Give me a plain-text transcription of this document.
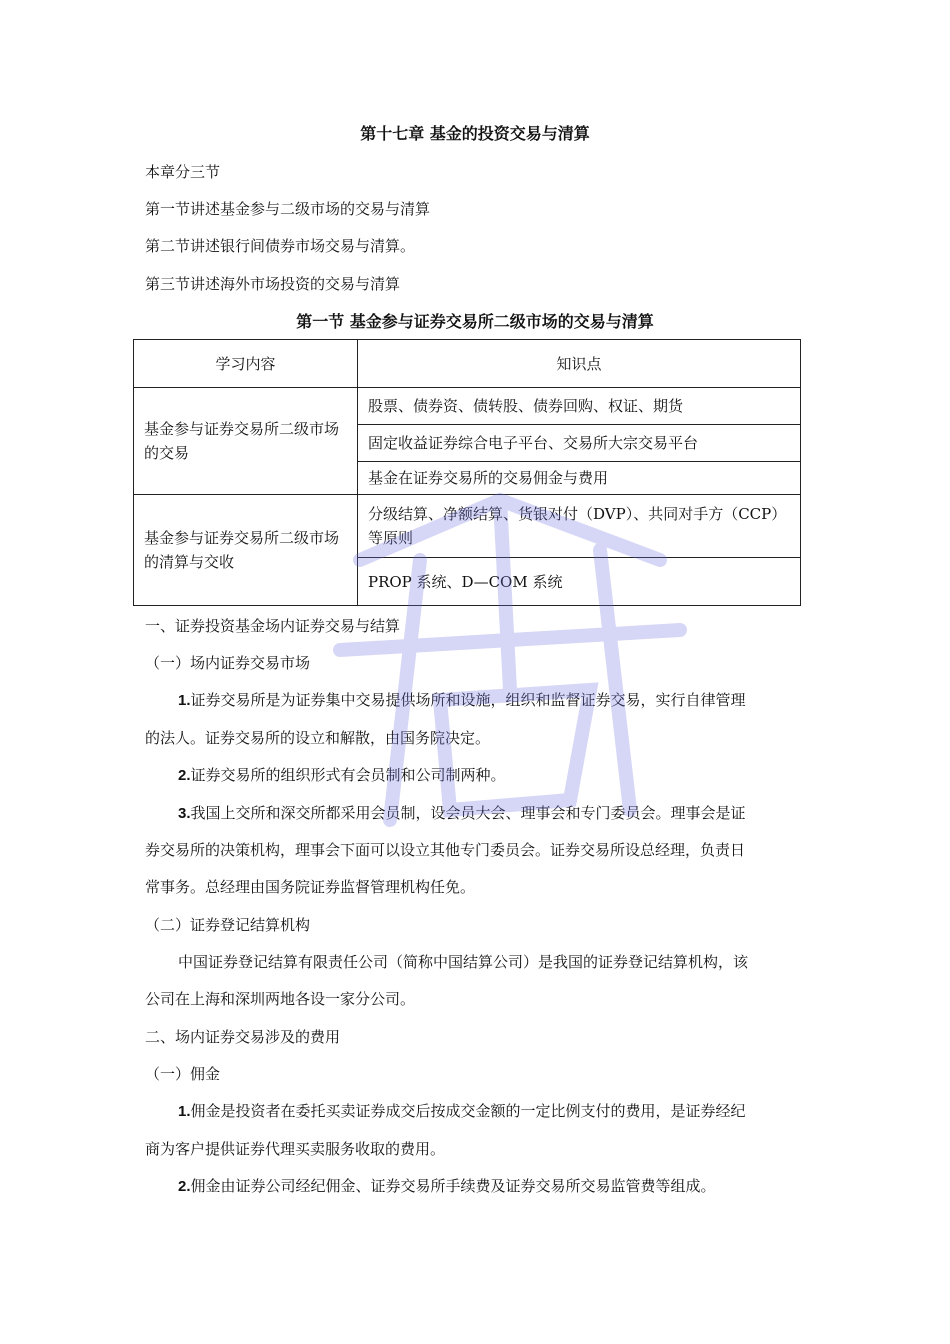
第十七章 基金的投资交易与清算
本章分三节
第一节讲述基金参与二级市场的交易与清算
第二节讲述银行间债券市场交易与清算。
第三节讲述海外市场投资的交易与清算
第一节 基金参与证券交易所二级市场的交易与清算
学习内容	知识点
基金参与证券交易所二级市场的交易	股票、债券资、债转股、债券回购、权证、期货
	固定收益证券综合电子平台、交易所大宗交易平台
	基金在证券交易所的交易佣金与费用
基金参与证券交易所二级市场的清算与交收	分级结算、净额结算、货银对付（DVP）、共同对手方（CCP）等原则
	PROP 系统、D—COM 系统
一、证券投资基金场内证券交易与结算
（一）场内证券交易市场
1.证券交易所是为证券集中交易提供场所和设施，组织和监督证券交易，实行自律管理
的法人。证券交易所的设立和解散，由国务院决定。
2.证券交易所的组织形式有会员制和公司制两种。
3.我国上交所和深交所都采用会员制，设会员大会、理事会和专门委员会。理事会是证
券交易所的决策机构，理事会下面可以设立其他专门委员会。证券交易所设总经理，负责日
常事务。总经理由国务院证券监督管理机构任免。
（二）证券登记结算机构
中国证券登记结算有限责任公司（简称中国结算公司）是我国的证券登记结算机构，该
公司在上海和深圳两地各设一家分公司。
二、场内证券交易涉及的费用
（一）佣金
1.佣金是投资者在委托买卖证券成交后按成交金额的一定比例支付的费用，是证券经纪
商为客户提供证券代理买卖服务收取的费用。
2.佣金由证券公司经纪佣金、证券交易所手续费及证券交易所交易监管费等组成。
